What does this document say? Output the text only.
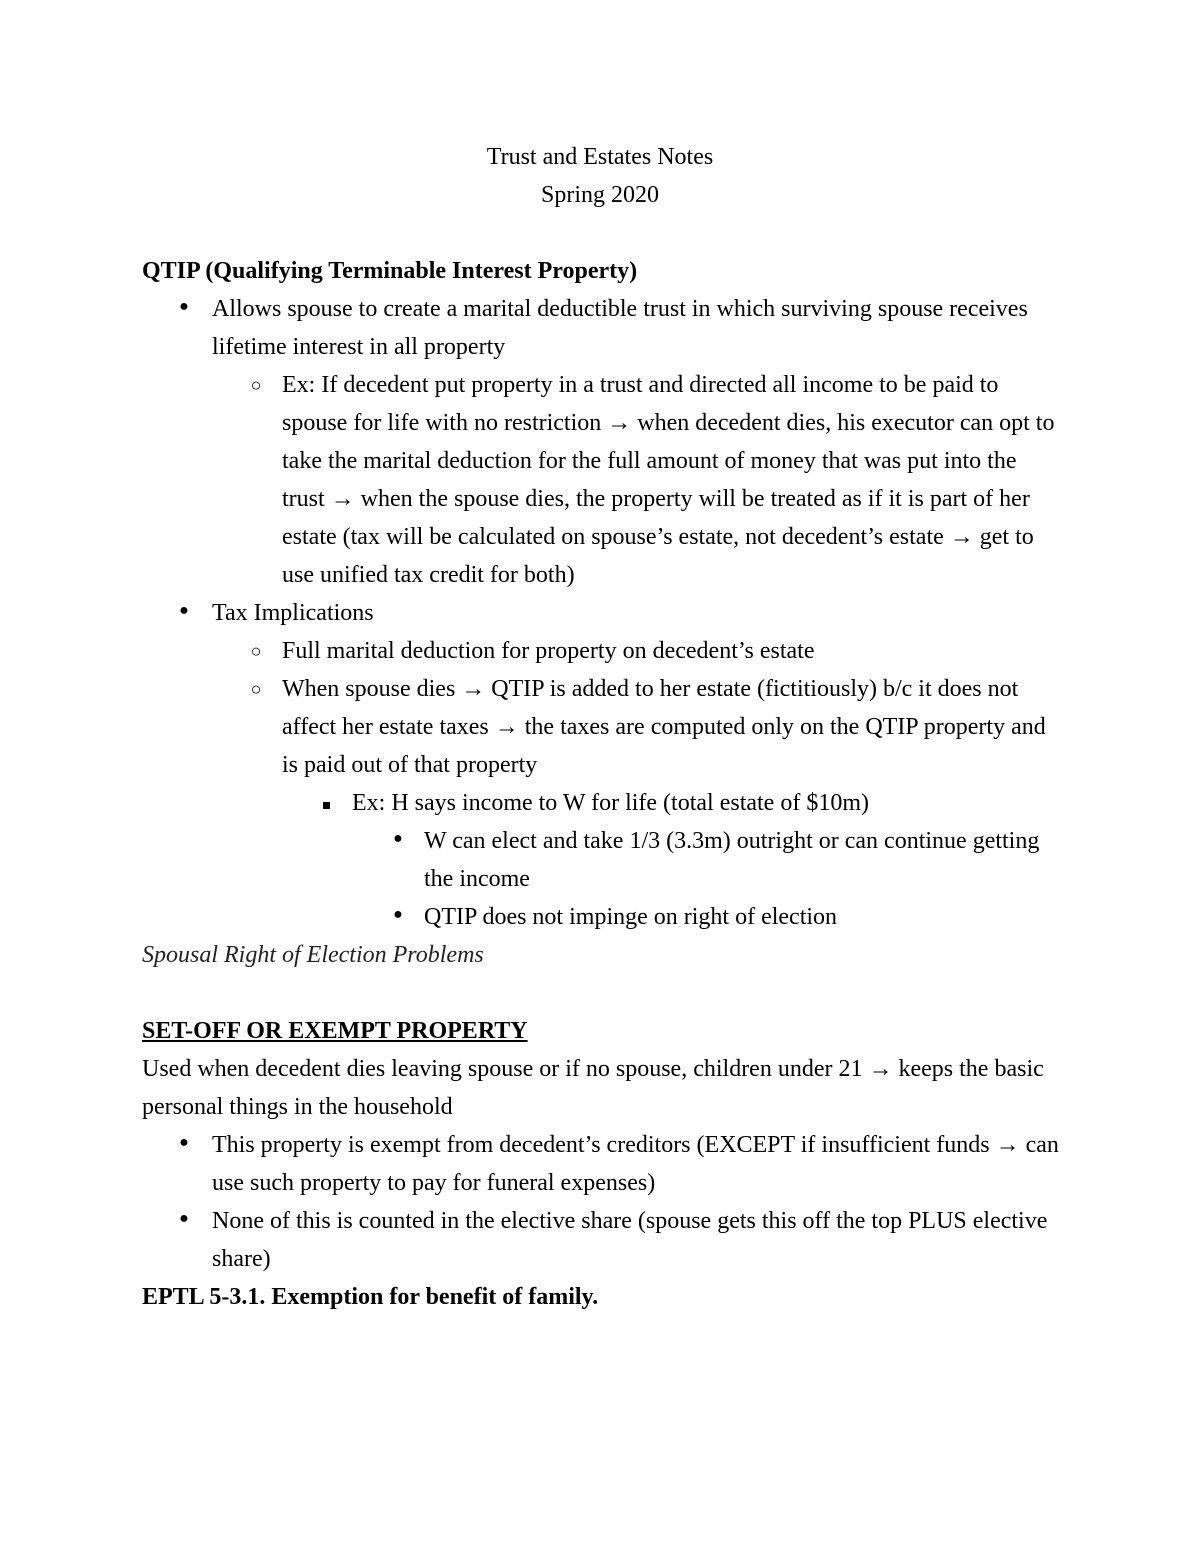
Trust and Estates Notes
Spring 2020
QTIP (Qualifying Terminable Interest Property)
● Allows spouse to create a marital deductible trust in which surviving spouse receives lifetime interest in all property
○ Ex: If decedent put property in a trust and directed all income to be paid to spouse for life with no restriction → when decedent dies, his executor can opt to take the marital deduction for the full amount of money that was put into the trust → when the spouse dies, the property will be treated as if it is part of her estate (tax will be calculated on spouse’s estate, not decedent’s estate → get to use unified tax credit for both)
● Tax Implications
○ Full marital deduction for property on decedent’s estate
○ When spouse dies → QTIP is added to her estate (fictitiously) b/c it does not affect her estate taxes → the taxes are computed only on the QTIP property and is paid out of that property
Ex: H says income to W for life (total estate of $10m)
● W can elect and take 1/3 (3.3m) outright or can continue getting the income
● QTIP does not impinge on right of election
Spousal Right of Election Problems
SET-OFF OR EXEMPT PROPERTY
Used when decedent dies leaving spouse or if no spouse, children under 21 → keeps the basic personal things in the household
● This property is exempt from decedent’s creditors (EXCEPT if insufficient funds → can use such property to pay for funeral expenses)
● None of this is counted in the elective share (spouse gets this off the top PLUS elective share)
EPTL 5-3.1. Exemption for benefit of family.
